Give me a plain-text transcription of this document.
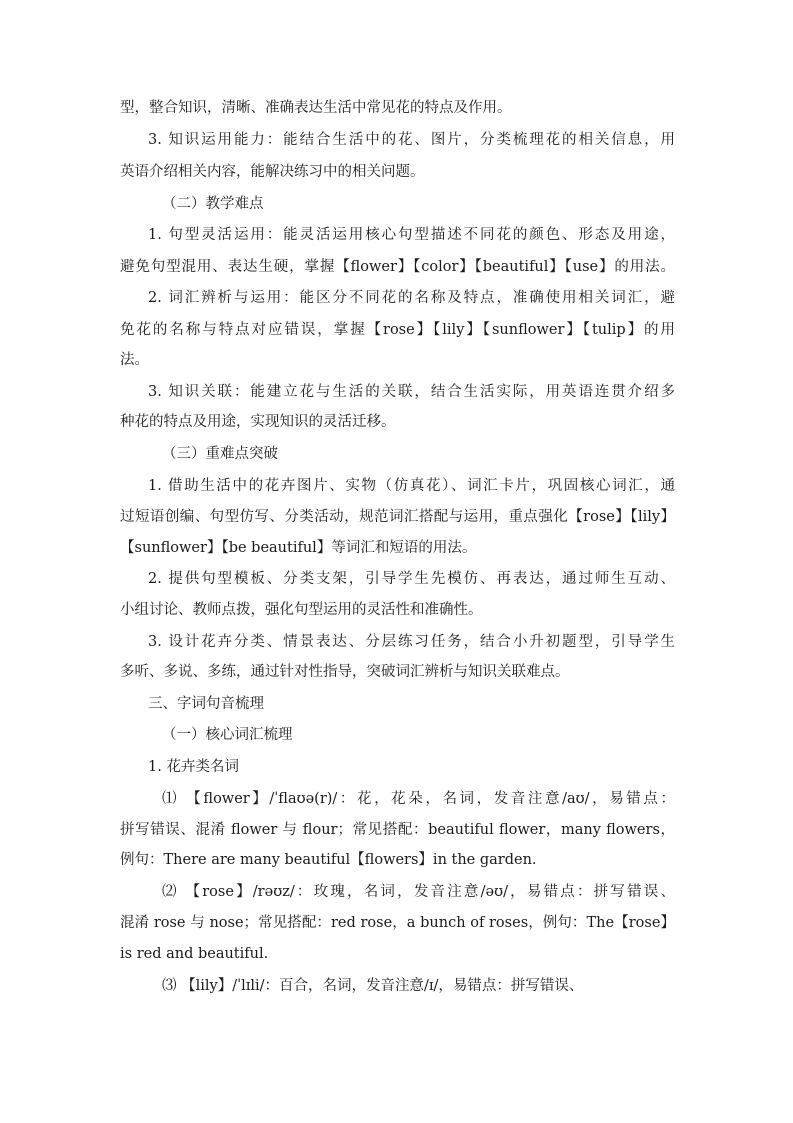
型，整合知识，清晰、准确表达生活中常见花的特点及作用。
3. 知识运用能力：能结合生活中的花、图片，分类梳理花的相关信息，用
英语介绍相关内容，能解决练习中的相关问题。
（二）教学难点
1. 句型灵活运用：能灵活运用核心句型描述不同花的颜色、形态及用途，
避免句型混用、表达生硬，掌握【flower】【color】【beautiful】【use】的用法。
2. 词汇辨析与运用：能区分不同花的名称及特点，准确使用相关词汇，避
免花的名称与特点对应错误，掌握【rose】【lily】【sunflower】【tulip】的用
法。
3. 知识关联：能建立花与生活的关联，结合生活实际，用英语连贯介绍多
种花的特点及用途，实现知识的灵活迁移。
（三）重难点突破
1. 借助生活中的花卉图片、实物（仿真花）、词汇卡片，巩固核心词汇，通
过短语创编、句型仿写、分类活动，规范词汇搭配与运用，重点强化【rose】【lily】
【sunflower】【be beautiful】等词汇和短语的用法。
2. 提供句型模板、分类支架，引导学生先模仿、再表达，通过师生互动、
小组讨论、教师点拨，强化句型运用的灵活性和准确性。
3. 设计花卉分类、情景表达、分层练习任务，结合小升初题型，引导学生
多听、多说、多练，通过针对性指导，突破词汇辨析与知识关联难点。
三、字词句音梳理
（一）核心词汇梳理
1. 花卉类名词
⑴ 【flower】/ˈflaʊə(r)/：花，花朵，名词，发音注意/aʊ/，易错点：
拼写错误、混淆 flower 与 flour；常见搭配：beautiful flower，many flowers，
例句：There are many beautiful【flowers】in the garden.
⑵ 【rose】/rəʊz/：玫瑰，名词，发音注意/əʊ/，易错点：拼写错误、
混淆 rose 与 nose；常见搭配：red rose，a bunch of roses，例句：The【rose】
is red and beautiful.
⑶ 【lily】/ˈlɪli/：百合，名词，发音注意/ɪ/，易错点：拼写错误、
